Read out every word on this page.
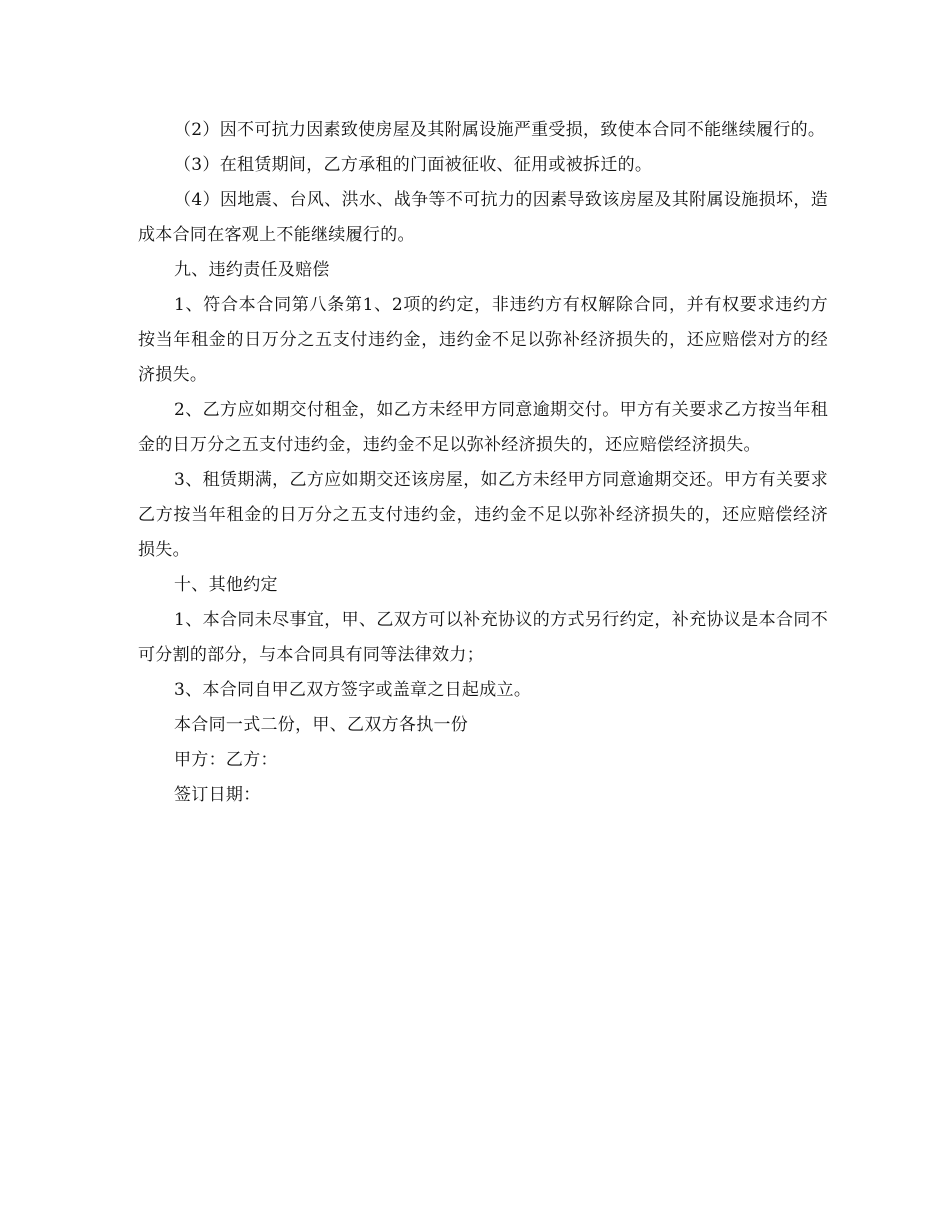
（2）因不可抗力因素致使房屋及其附属设施严重受损，致使本合同不能继续履行的。

（3）在租赁期间，乙方承租的门面被征收、征用或被拆迁的。

（4）因地震、台风、洪水、战争等不可抗力的因素导致该房屋及其附属设施损坏，造成本合同在客观上不能继续履行的。

九、违约责任及赔偿

1、符合本合同第八条第1、2项的约定，非违约方有权解除合同，并有权要求违约方按当年租金的日万分之五支付违约金，违约金不足以弥补经济损失的，还应赔偿对方的经济损失。

2、乙方应如期交付租金，如乙方未经甲方同意逾期交付。甲方有关要求乙方按当年租金的日万分之五支付违约金，违约金不足以弥补经济损失的，还应赔偿经济损失。

3、租赁期满，乙方应如期交还该房屋，如乙方未经甲方同意逾期交还。甲方有关要求乙方按当年租金的日万分之五支付违约金，违约金不足以弥补经济损失的，还应赔偿经济损失。

十、其他约定

1、本合同未尽事宜，甲、乙双方可以补充协议的方式另行约定，补充协议是本合同不可分割的部分，与本合同具有同等法律效力；

3、本合同自甲乙双方签字或盖章之日起成立。

本合同一式二份，甲、乙双方各执一份

甲方：乙方：

签订日期：
